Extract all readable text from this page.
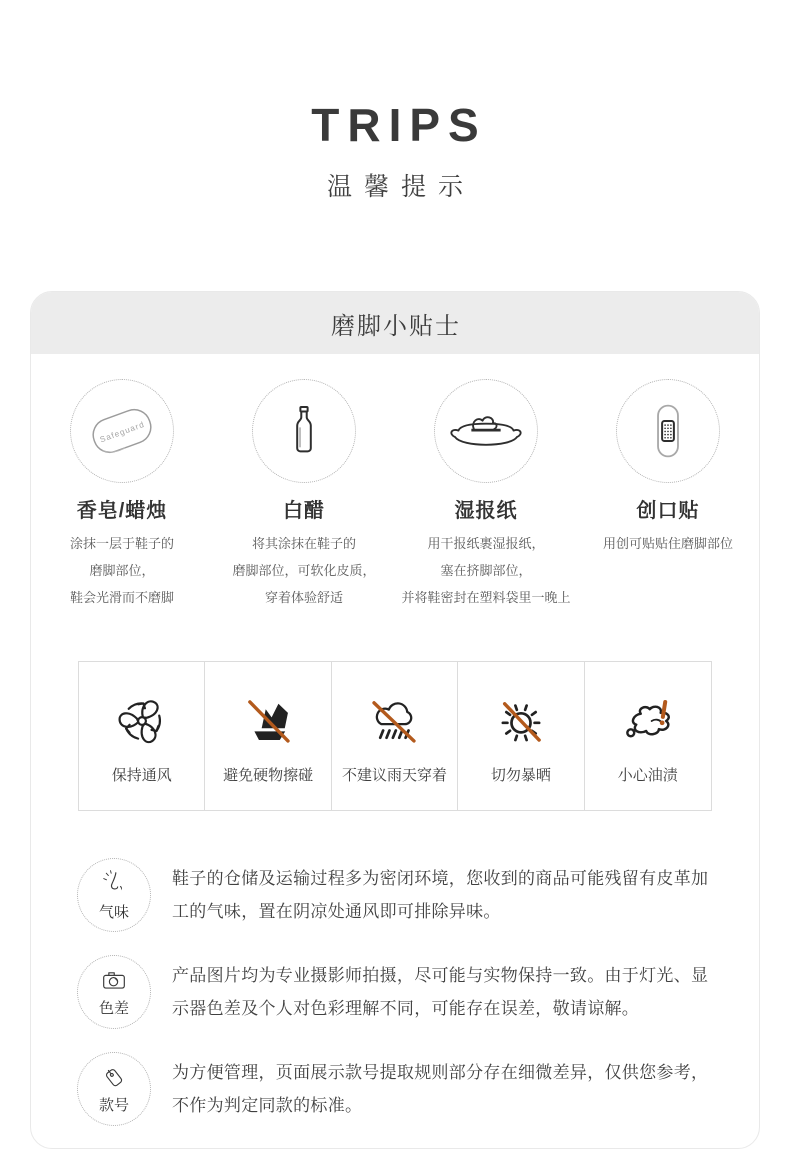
TRIPS
温馨提示
磨脚小贴士
Safeguard
香皂/蜡烛
涂抹一层于鞋子的
磨脚部位，
鞋会光滑而不磨脚
白醋
将其涂抹在鞋子的
磨脚部位，可软化皮质，
穿着体验舒适
湿报纸
用干报纸裹湿报纸，
塞在挤脚部位，
并将鞋密封在塑料袋里一晚上
创口贴
用创可贴贴住磨脚部位
保持通风	避免硬物擦碰 不建议雨天穿着	切勿暴晒	小心油渍
气味
鞋子的仓储及运输过程多为密闭环境，您收到的商品可能残留有皮革加工的气味，置在阴凉处通风即可排除异味。
色差
产品图片均为专业摄影师拍摄，尽可能与实物保持一致。由于灯光、显示器色差及个人对色彩理解不同，可能存在误差，敬请谅解。
款号
为方便管理，页面展示款号提取规则部分存在细微差异，仅供您参考，不作为判定同款的标准。
